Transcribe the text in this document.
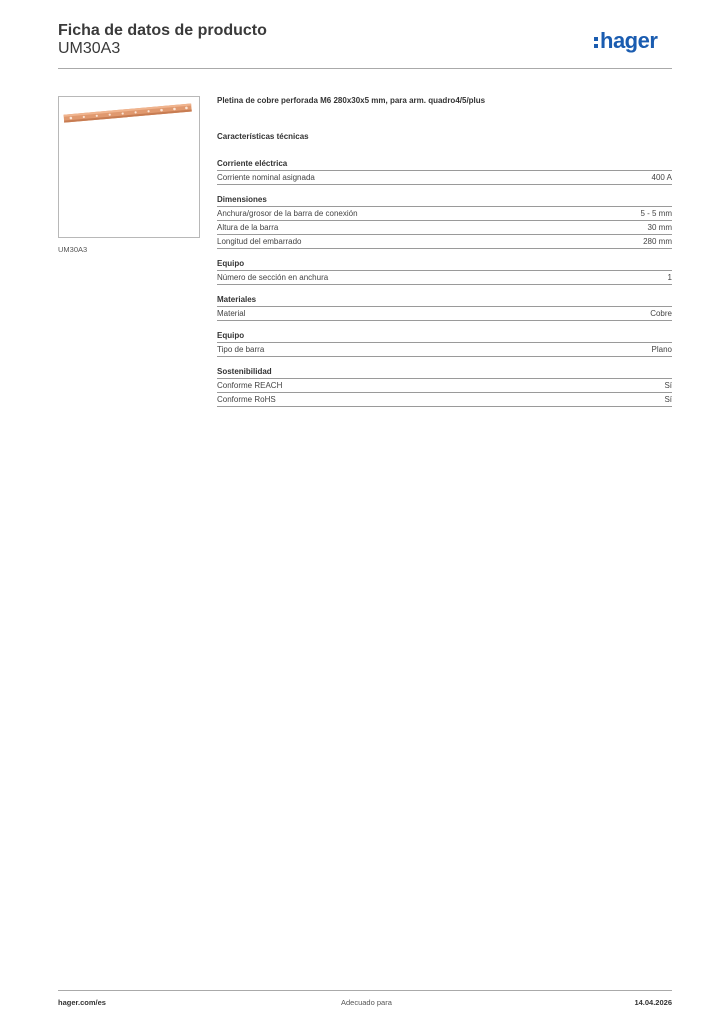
Ficha de datos de producto
UM30A3	hager
UM30A3
Pletina de cobre perforada M6 280x30x5 mm, para arm. quadro4/5/plus
Características técnicas
Corriente eléctrica
Corriente nominal asignada	400 A
Dimensiones
Anchura/grosor de la barra de conexión	5 - 5 mm
Altura de la barra	30 mm
Longitud del embarrado	280 mm
Equipo
Número de sección en anchura	1
Materiales
Material	Cobre
Equipo
Tipo de barra	Plano
Sostenibilidad
Conforme REACH	Sí
Conforme RoHS	Sí
hager.com/es	Adecuado para	14.04.2026
